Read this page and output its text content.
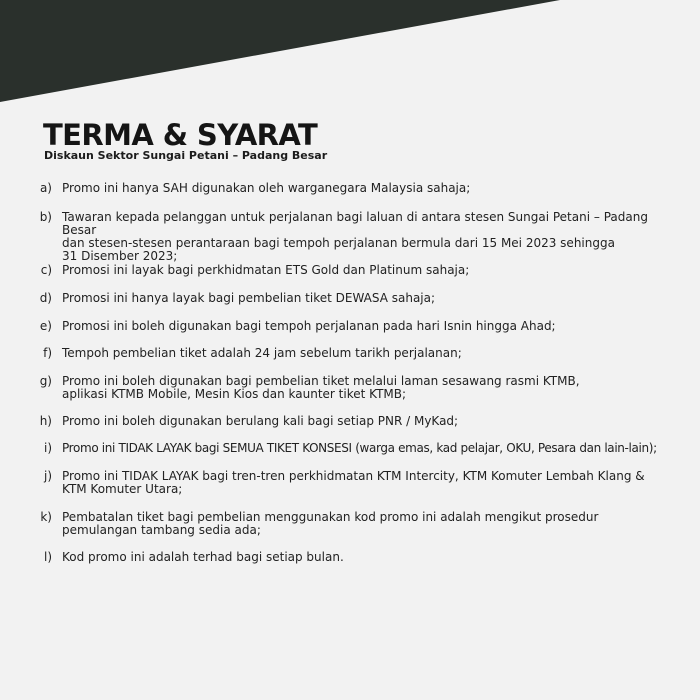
TERMA & SYARAT
Diskaun Sektor Sungai Petani – Padang Besar
a) Promo ini hanya SAH digunakan oleh warganegara Malaysia sahaja;
b) Tawaran kepada pelanggan untuk perjalanan bagi laluan di antara stesen Sungai Petani – Padang Besar
dan stesen-stesen perantaraan bagi tempoh perjalanan bermula dari 15 Mei 2023 sehingga
31 Disember 2023;
c) Promosi ini layak bagi perkhidmatan ETS Gold dan Platinum sahaja;
d) Promosi ini hanya layak bagi pembelian tiket DEWASA sahaja;
e) Promosi ini boleh digunakan bagi tempoh perjalanan pada hari Isnin hingga Ahad;
f) Tempoh pembelian tiket adalah 24 jam sebelum tarikh perjalanan;
g) Promo ini boleh digunakan bagi pembelian tiket melalui laman sesawang rasmi KTMB,
aplikasi KTMB Mobile, Mesin Kios dan kaunter tiket KTMB;
h) Promo ini boleh digunakan berulang kali bagi setiap PNR / MyKad;
i) Promo ini TIDAK LAYAK bagi SEMUA TIKET KONSESI (warga emas, kad pelajar, OKU, Pesara dan lain-lain);
j) Promo ini TIDAK LAYAK bagi tren-tren perkhidmatan KTM Intercity, KTM Komuter Lembah Klang &
KTM Komuter Utara;
k) Pembatalan tiket bagi pembelian menggunakan kod promo ini adalah mengikut prosedur
pemulangan tambang sedia ada;
l) Kod promo ini adalah terhad bagi setiap bulan.
